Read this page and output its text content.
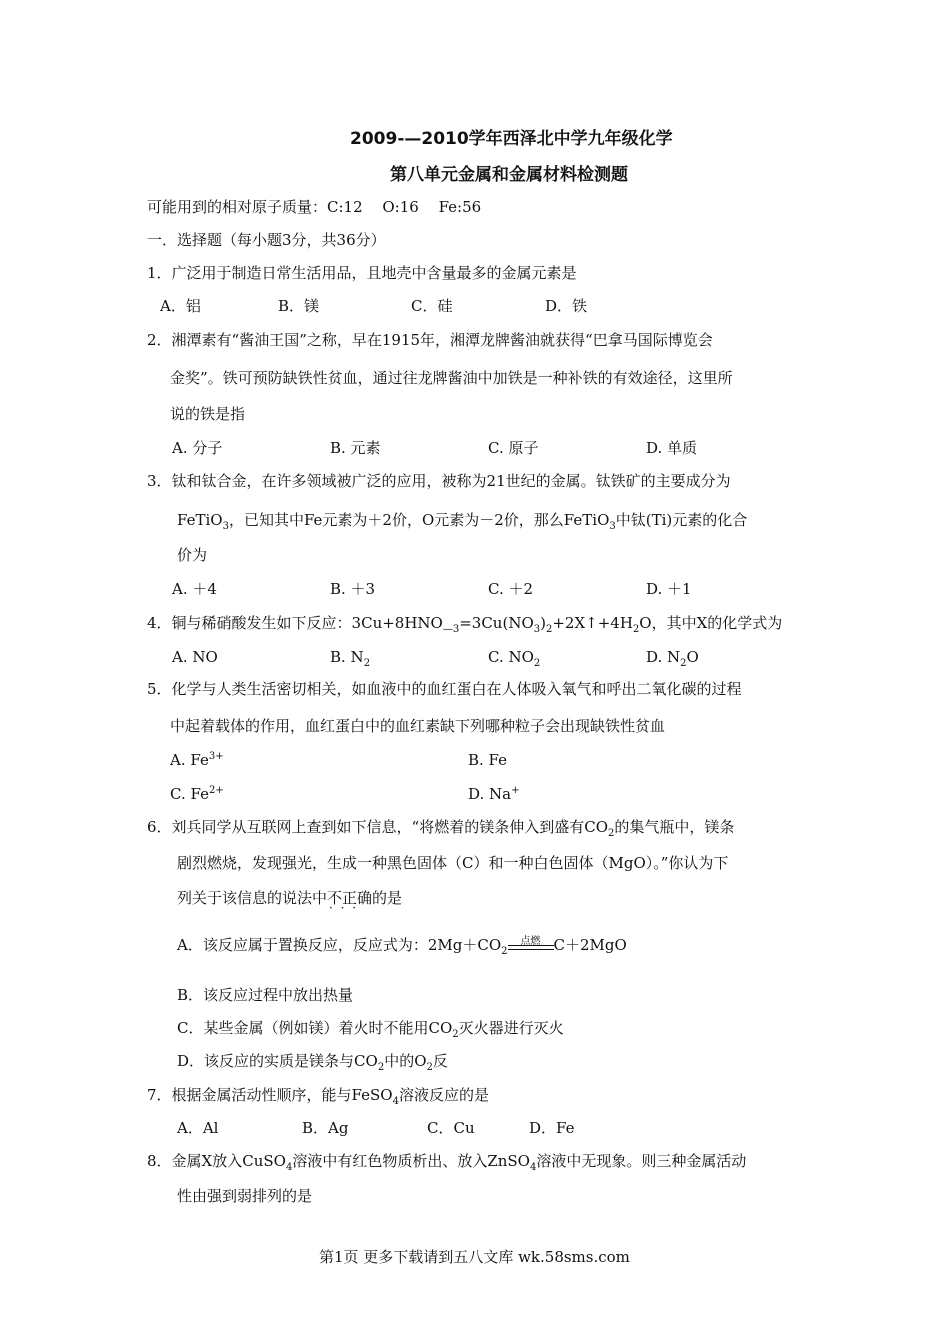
2009-—2010学年西泽北中学九年级化学
第八单元金属和金属材料检测题
可能用到的相对原子质量：C:12　 O:16　 Fe:56
一．选择题（每小题3分，共36分）
1．广泛用于制造日常生活用品，且地壳中含量最多的金属元素是
A．铝	B．镁	C．硅	D．铁
2．湘潭素有“酱油王国”之称，早在1915年，湘潭龙牌酱油就获得“巴拿马国际博览会
金奖”。铁可预防缺铁性贫血，通过往龙牌酱油中加铁是一种补铁的有效途径，这里所
说的铁是指
A. 分子	B. 元素	C. 原子	D. 单质
3．钛和钛合金，在许多领域被广泛的应用，被称为21世纪的金属。钛铁矿的主要成分为
FeTiO$_3$，已知其中Fe元素为＋2价，O元素为－2价，那么FeTiO$_3$中钛(Ti)元素的化合
价为
A. ＋4	B. ＋3	C. ＋2	D. ＋1
4．铜与稀硝酸发生如下反应：$3Cu+8HNO_{—3}=3Cu(NO_3)_2+2X↑+4H_2O$，其中X的化学式为
A. NO	B. $N_2$	C. $NO_2$	D. $N_2O$
5．化学与人类生活密切相关，如血液中的血红蛋白在人体吸入氧气和呼出二氧化碳的过程
中起着载体的作用，血红蛋白中的血红素缺下列哪种粒子会出现缺铁性贫血
A. $Fe^{3+}$	B. Fe
C. $Fe^{2+}$	D. Na+
6．刘兵同学从互联网上查到如下信息，“将燃着的镁条伸入到盛有$CO_2$的集气瓶中，镁条
剧烈燃烧，发现强光，生成一种黑色固体（C）和一种白色固体（MgO）。”你认为下
列关于该信息的说法中不正确 · · ·的是
A．该反应属于置换反应，反应式为：$2Mg+CO_2$点燃 C＋2MgO
B．该反应过程中放出热量
C．某些金属（例如镁）着火时不能用$CO_2$灭火器进行灭火
D．该反应的实质是镁条与$CO_2$中的$O_2$反
7．根据金属活动性顺序，能与FeSO$_4$溶液反应的是
A．Al	B．Ag	C．Cu	D．Fe
8．金属X放入CuSO$_4$溶液中有红色物质析出、放入ZnSO$_4$溶液中无现象。则三种金属活动
性由强到弱排列的是
第1页 更多下载请到五八文库 wk.58sms.com
